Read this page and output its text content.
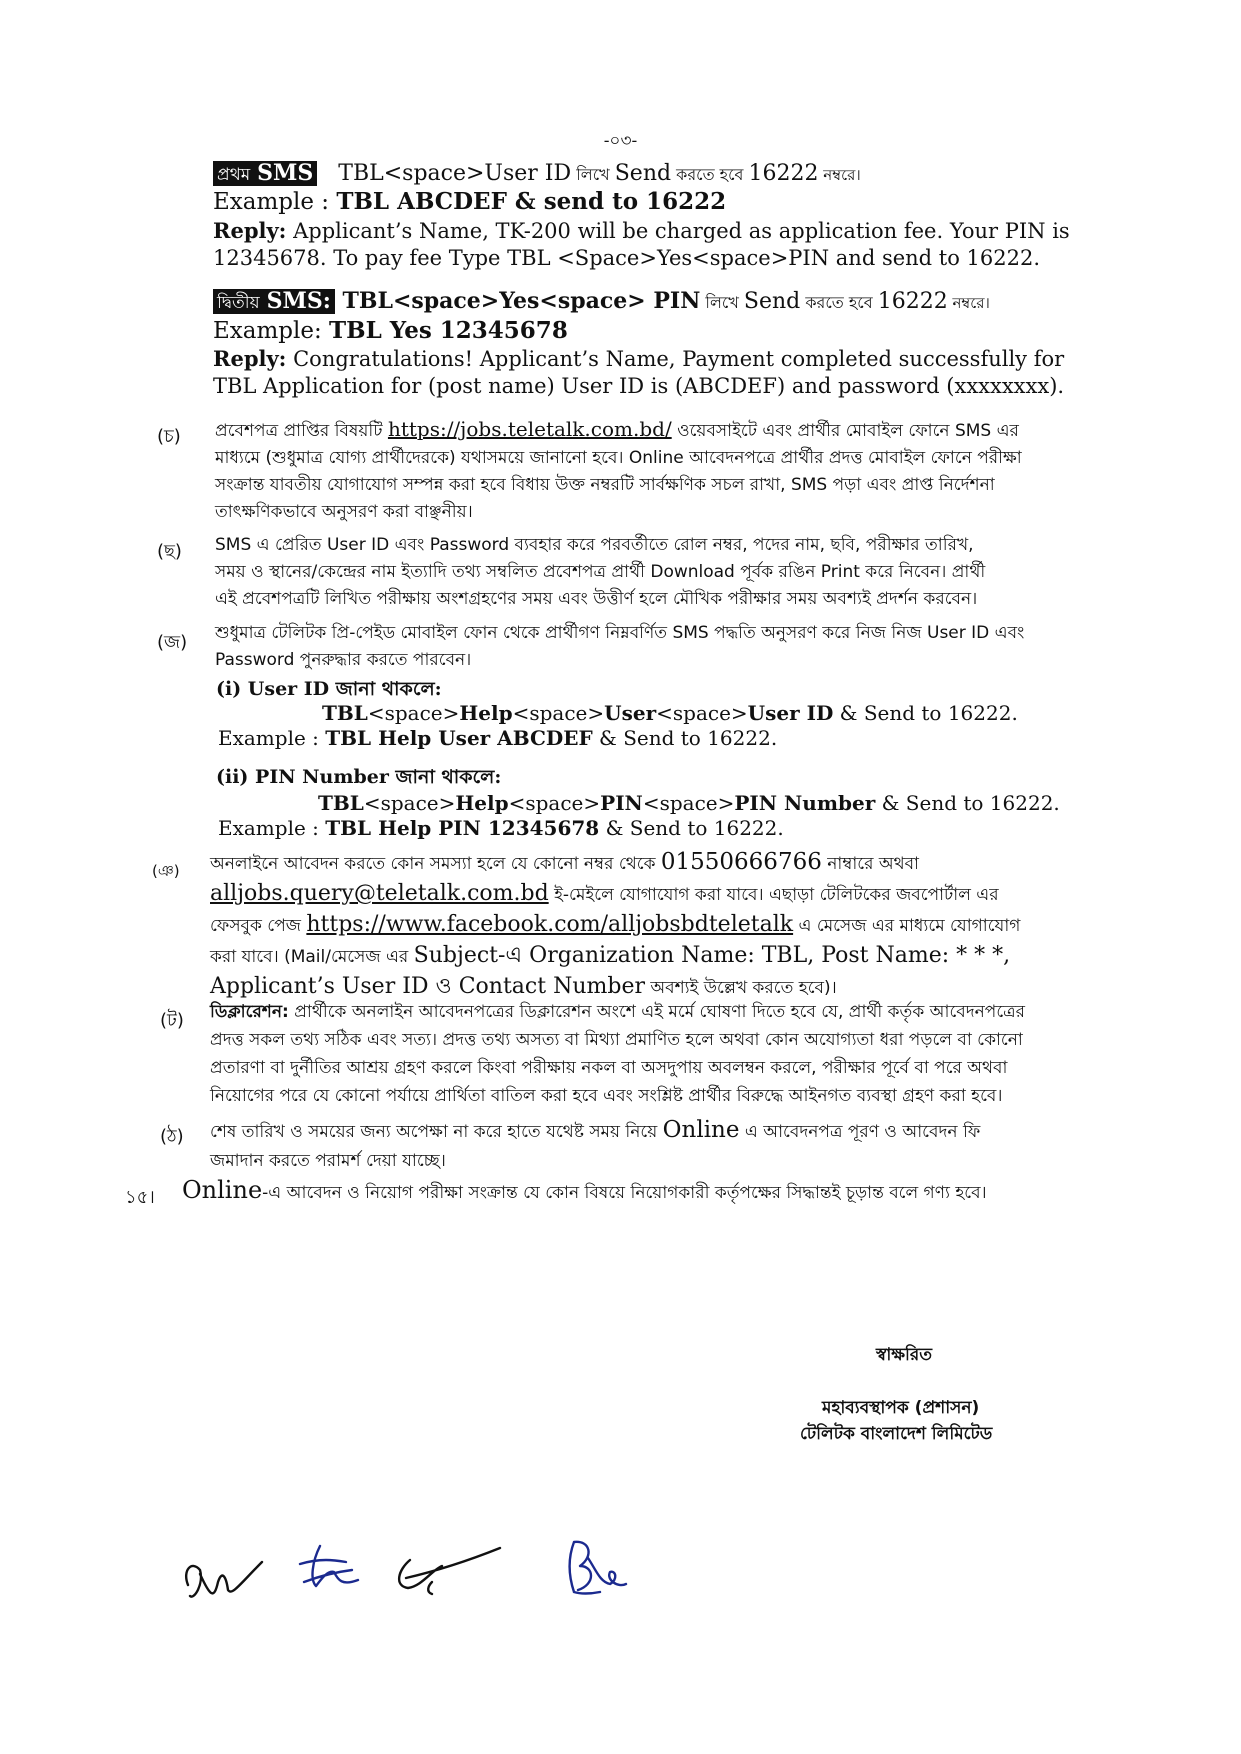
-০৩-
প্রথম SMS TBL<space>User ID লিখে Send করতে হবে 16222 নম্বরে।
Example : TBL ABCDEF & send to 16222
Reply: Applicant’s Name, TK-200 will be charged as application fee. Your PIN is
12345678. To pay fee Type TBL <Space>Yes<space>PIN and send to 16222.
দ্বিতীয় SMS: TBL<space>Yes<space> PIN লিখে Send করতে হবে 16222 নম্বরে।
Example: TBL Yes 12345678
Reply: Congratulations! Applicant’s Name, Payment completed successfully for
TBL Application for (post name) User ID is (ABCDEF) and password (xxxxxxxx).
(চ) প্রবেশপত্র প্রাপ্তির বিষয়টি https://jobs.teletalk.com.bd/ ওয়েবসাইটে এবং প্রার্থীর মোবাইল ফোনে SMS এর
মাধ্যমে (শুধুমাত্র যোগ্য প্রার্থীদেরকে) যথাসময়ে জানানো হবে। Online আবেদনপত্রে প্রার্থীর প্রদত্ত মোবাইল ফোনে পরীক্ষা
সংক্রান্ত যাবতীয় যোগাযোগ সম্পন্ন করা হবে বিধায় উক্ত নম্বরটি সার্বক্ষণিক সচল রাখা, SMS পড়া এবং প্রাপ্ত নির্দেশনা
তাৎক্ষণিকভাবে অনুসরণ করা বাঞ্ছনীয়।
(ছ) SMS এ প্রেরিত User ID এবং Password ব্যবহার করে পরবর্তীতে রোল নম্বর, পদের নাম, ছবি, পরীক্ষার তারিখ,
সময় ও স্থানের/কেন্দ্রের নাম ইত্যাদি তথ্য সম্বলিত প্রবেশপত্র প্রার্থী Download পূর্বক রঙিন Print করে নিবেন। প্রার্থী
এই প্রবেশপত্রটি লিখিত পরীক্ষায় অংশগ্রহণের সময় এবং উত্তীর্ণ হলে মৌখিক পরীক্ষার সময় অবশ্যই প্রদর্শন করবেন।
(জ) শুধুমাত্র টেলিটক প্রি-পেইড মোবাইল ফোন থেকে প্রার্থীগণ নিম্নবর্ণিত SMS পদ্ধতি অনুসরণ করে নিজ নিজ User ID এবং
Password পুনরুদ্ধার করতে পারবেন।
(i) User ID জানা থাকলে:
TBL<space>Help<space>User<space>User ID & Send to 16222.
Example : TBL Help User ABCDEF & Send to 16222.
(ii) PIN Number জানা থাকলে:
TBL<space>Help<space>PIN<space>PIN Number & Send to 16222.
Example : TBL Help PIN 12345678 & Send to 16222.
(ঞ) অনলাইনে আবেদন করতে কোন সমস্যা হলে যে কোনো নম্বর থেকে 01550666766 নাম্বারে অথবা
alljobs.query@teletalk.com.bd ই-মেইলে যোগাযোগ করা যাবে। এছাড়া টেলিটকের জবপোর্টাল এর
ফেসবুক পেজ https://www.facebook.com/alljobsbdteletalk এ মেসেজ এর মাধ্যমে যোগাযোগ
করা যাবে। (Mail/মেসেজ এর Subject-এ Organization Name: TBL, Post Name: * * *,
Applicant’s User ID ও Contact Number অবশ্যই উল্লেখ করতে হবে)।
(ট) ডিক্লারেশন: প্রার্থীকে অনলাইন আবেদনপত্রের ডিক্লারেশন অংশে এই মর্মে ঘোষণা দিতে হবে যে, প্রার্থী কর্তৃক আবেদনপত্রের
প্রদত্ত সকল তথ্য সঠিক এবং সত্য। প্রদত্ত তথ্য অসত্য বা মিথ্যা প্রমাণিত হলে অথবা কোন অযোগ্যতা ধরা পড়লে বা কোনো
প্রতারণা বা দুর্নীতির আশ্রয় গ্রহণ করলে কিংবা পরীক্ষায় নকল বা অসদুপায় অবলম্বন করলে, পরীক্ষার পূর্বে বা পরে অথবা
নিয়োগের পরে যে কোনো পর্যায়ে প্রার্থিতা বাতিল করা হবে এবং সংশ্লিষ্ট প্রার্থীর বিরুদ্ধে আইনগত ব্যবস্থা গ্রহণ করা হবে।
(ঠ) শেষ তারিখ ও সময়ের জন্য অপেক্ষা না করে হাতে যথেষ্ট সময় নিয়ে Online এ আবেদনপত্র পূরণ ও আবেদন ফি
জমাদান করতে পরামর্শ দেয়া যাচ্ছে।
১৫। Online-এ আবেদন ও নিয়োগ পরীক্ষা সংক্রান্ত যে কোন বিষয়ে নিয়োগকারী কর্তৃপক্ষের সিদ্ধান্তই চূড়ান্ত বলে গণ্য হবে।
স্বাক্ষরিত
মহাব্যবস্থাপক (প্রশাসন)
টেলিটক বাংলাদেশ লিমিটেড
